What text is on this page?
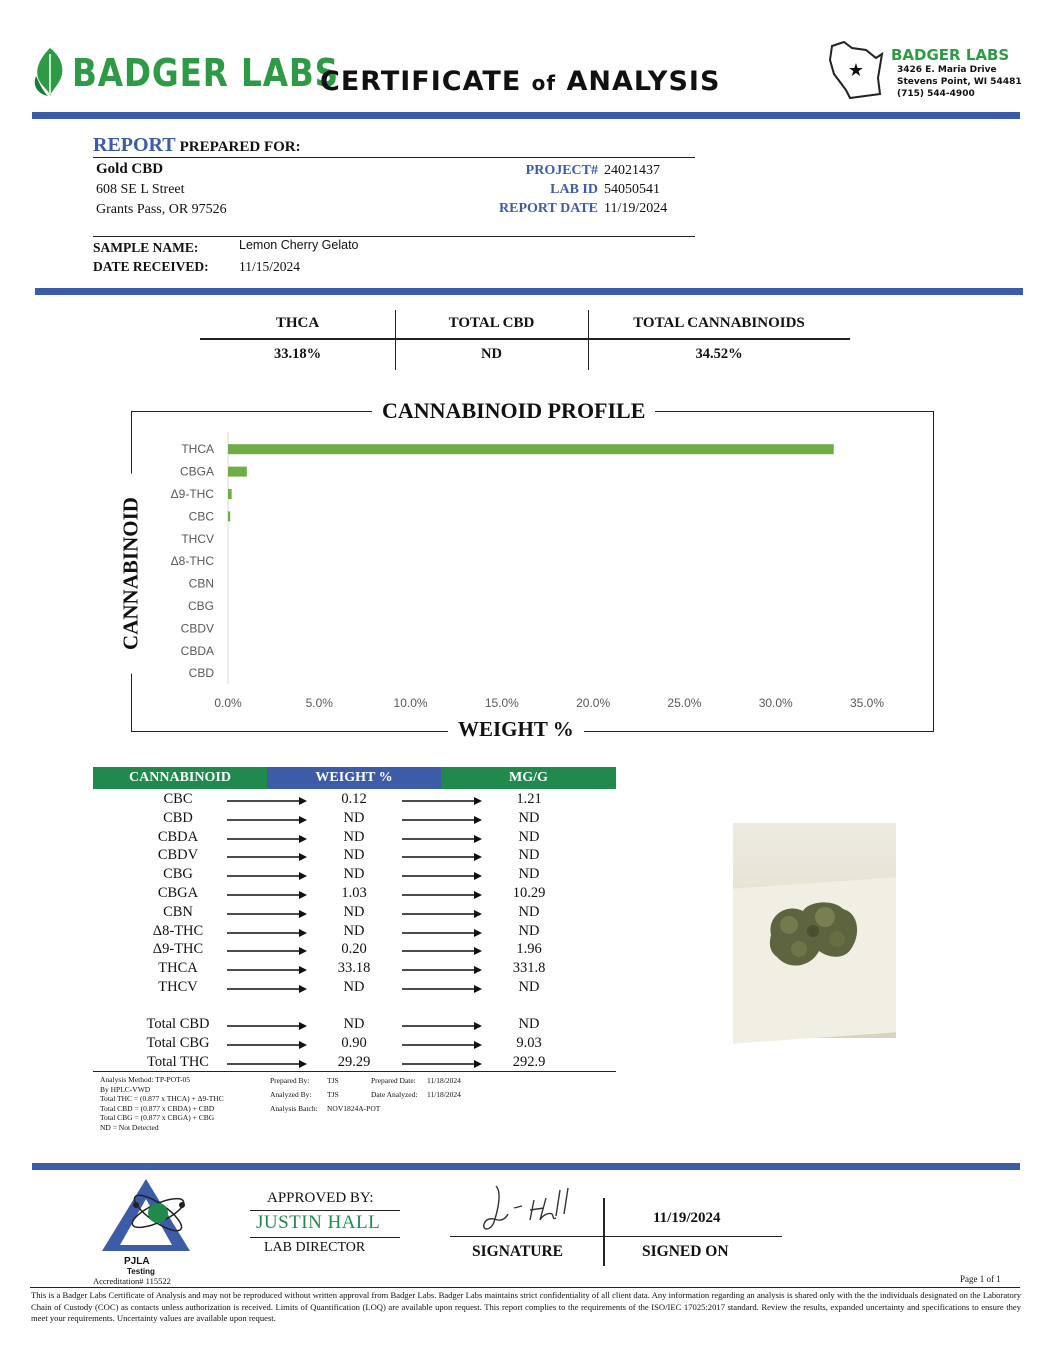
BADGER LABS
CERTIFICATE of ANALYSIS	★
BADGER LABS
3426 E. Maria Drive
Stevens Point, WI 54481
(715) 544-4900
REPORT PREPARED FOR:
Gold CBD
608 SE L Street
Grants Pass, OR 97526
PROJECT# 24021437
LAB ID 54050541
REPORT DATE 11/19/2024
SAMPLE NAME:	Lemon Cherry Gelato
DATE RECEIVED: 11/15/2024
THCA	TOTAL CBD	TOTAL CANNABINOIDS
33.18%	ND	34.52%
CANNABINOID PROFILE
WEIGHT %
CANNABINOID
THCA
CBGA
Δ9-THC
CBC
THCV
Δ8-THC
CBN
CBG
CBDV
CBDA
CBD
0.0%	5.0%	10.0%	15.0%	20.0%	25.0%	30.0%	35.0%
CANNABINOID	WEIGHT %	MG/G
CBC	0.12	1.21
CBD	ND	ND
CBDA	ND	ND
CBDV	ND	ND
CBG	ND	ND
CBGA	1.03	10.29
CBN	ND	ND
Δ8-THC	ND	ND
Δ9-THC	0.20	1.96
THCA	33.18	331.8
THCV	ND	ND
Total CBD	ND	ND
Total CBG	0.90	9.03
Total THC	29.29	292.9
Analysis Method: TP-POT-05
By HPLC-VWD
Total THC = (0.877 x THCA) + Δ9-THC
Total CBD = (0.877 x CBDA) + CBD
Total CBG = (0.877 x CBGA) + CBG
ND = Not Detected
Prepared By: TJS	Prepared Date: 11/18/2024
Analyzed By: TJS	Date Analyzed: 11/18/2024
Analysis Batch: NOV1824A-POT
PJLA
Testing
Accreditation# 115522
APPROVED BY:
JUSTIN HALL
LAB DIRECTOR	SIGNATURE
11/19/2024
SIGNED ON
Page 1 of 1
This is a Badger Labs Certificate of Analysis and may not be reproduced without written approval from Badger Labs. Badger Labs maintains strict confidentiality of all client data. Any information regarding an analysis is shared only with the the individuals designated on the Laboratory Chain of Custody (COC) as contacts unless authorization is received. Limits of Quantification (LOQ) are available upon request. This report complies to the requirements of the ISO/IEC 17025:2017 standard. Review the results, expanded uncertainty and specifications to ensure they meet your requirements. Uncertainty values are available upon request.
